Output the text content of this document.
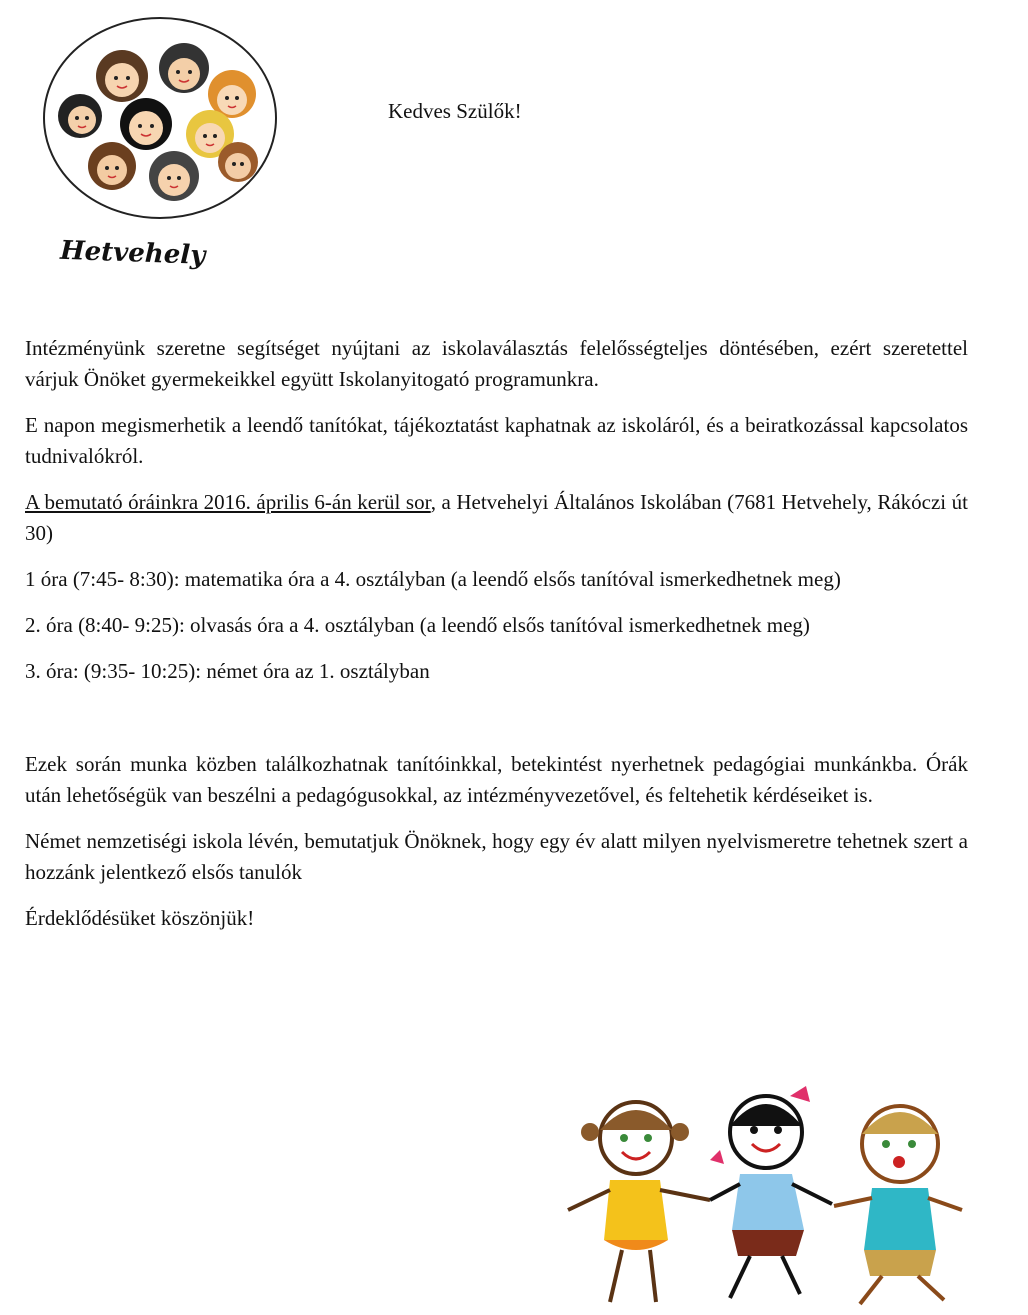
Hetvehely
Kedves Szülők!

Intézményünk szeretne segítséget nyújtani az iskolaválasztás felelősségteljes döntésében, ezért szeretettel várjuk Önöket gyermekeikkel együtt Iskolanyitogató programunkra.

E napon megismerhetik a leendő tanítókat, tájékoztatást kaphatnak az iskoláról, és a beiratkozással kapcsolatos tudnivalókról.

A bemutató óráinkra 2016. április 6-án kerül sor, a Hetvehelyi Általános Iskolában (7681 Hetvehely, Rákóczi út 30)

1 óra (7:45- 8:30): matematika óra a 4. osztályban (a leendő elsős tanítóval ismerkedhetnek meg)

2. óra (8:40- 9:25): olvasás óra a 4. osztályban (a leendő elsős tanítóval ismerkedhetnek meg)

3. óra: (9:35- 10:25): német óra az 1. osztályban

Ezek során munka közben találkozhatnak tanítóinkkal, betekintést nyerhetnek pedagógiai munkánkba. Órák után lehetőségük van beszélni a pedagógusokkal, az intézményvezetővel, és feltehetik kérdéseiket is.

Német nemzetiségi iskola lévén, bemutatjuk Önöknek, hogy egy év alatt milyen nyelvismeretre tehetnek szert a hozzánk jelentkező elsős tanulók

Érdeklődésüket köszönjük!
